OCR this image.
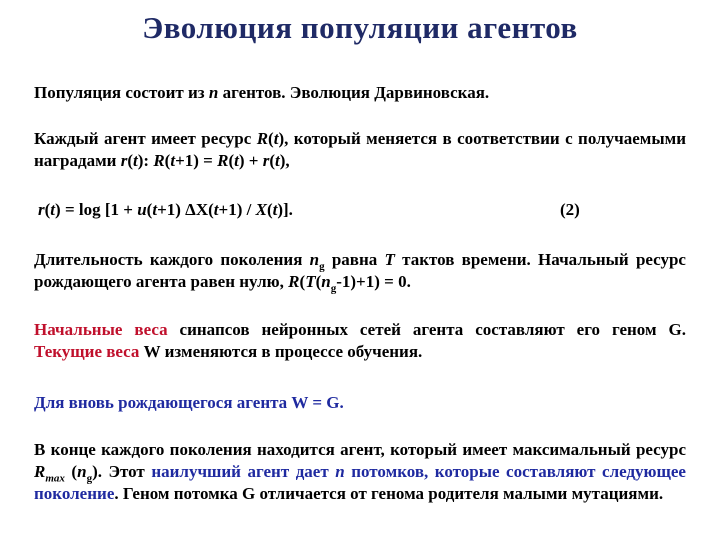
Эволюция популяции агентов
Популяция состоит из n агентов. Эволюция Дарвиновская.
Каждый агент имеет ресурс R(t), который меняется в соответствии с получаемыми наградами r(t): R(t+1) = R(t) + r(t),
r(t) = log [1 + u(t+1) ΔX(t+1) / X(t)].	(2)
Длительность каждого поколения $n_g$ равна T тактов времени. Начальный ресурс рождающего агента равен нулю, $R(T(n_g-1)+1) = 0$.
Начальные веса синапсов нейронных сетей агента составляют его геном G. Текущие веса W изменяются в процессе обучения.
Для вновь рождающегося агента W = G.
В конце каждого поколения находится агент, который имеет максимальный ресурс $R_{max}$ $(n_g)$. Этот наилучший агент дает n потомков, которые составляют следующее поколение. Геном потомка G отличается от генома родителя малыми мутациями.
